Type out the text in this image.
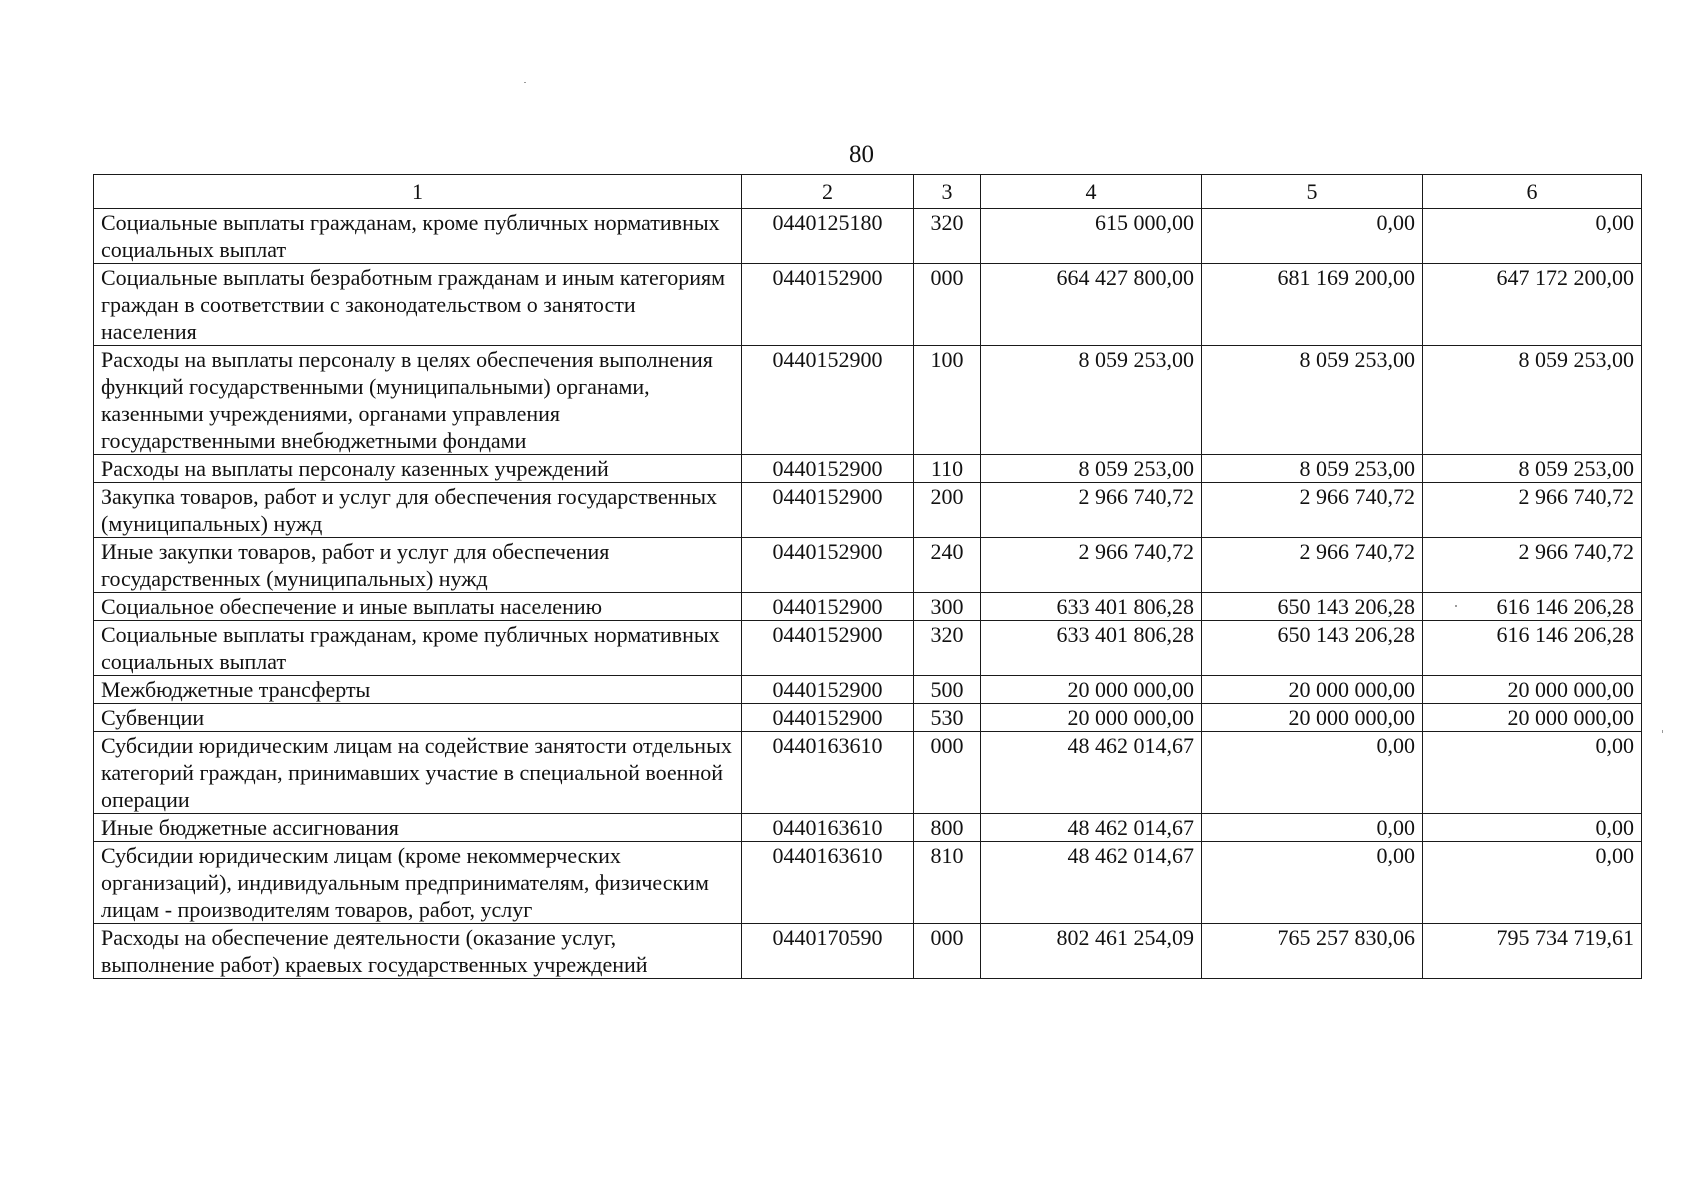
80
1	2	3	4	5	6
Социальные выплаты гражданам, кроме публичных нормативных социальных выплат	0440125180	320	615 000,00	0,00	0,00
Социальные выплаты безработным гражданам и иным категориям граждан в соответствии с законодательством о занятости населения	0440152900	000	664 427 800,00	681 169 200,00	647 172 200,00
Расходы на выплаты персоналу в целях обеспечения выполнения функций государственными (муниципальными) органами, казенными учреждениями, органами управления государственными внебюджетными фондами	0440152900	100	8 059 253,00	8 059 253,00	8 059 253,00
Расходы на выплаты персоналу казенных учреждений	0440152900	110	8 059 253,00	8 059 253,00	8 059 253,00
Закупка товаров, работ и услуг для обеспечения государственных (муниципальных) нужд	0440152900	200	2 966 740,72	2 966 740,72	2 966 740,72
Иные закупки товаров, работ и услуг для обеспечения государственных (муниципальных) нужд	0440152900	240	2 966 740,72	2 966 740,72	2 966 740,72
Социальное обеспечение и иные выплаты населению	0440152900	300	633 401 806,28	650 143 206,28	616 146 206,28
Социальные выплаты гражданам, кроме публичных нормативных социальных выплат	0440152900	320	633 401 806,28	650 143 206,28	616 146 206,28
Межбюджетные трансферты	0440152900	500	20 000 000,00	20 000 000,00	20 000 000,00
Субвенции	0440152900	530	20 000 000,00	20 000 000,00	20 000 000,00
Субсидии юридическим лицам на содействие занятости отдельных категорий граждан, принимавших участие в специальной военной операции	0440163610	000	48 462 014,67	0,00	0,00
Иные бюджетные ассигнования	0440163610	800	48 462 014,67	0,00	0,00
Субсидии юридическим лицам (кроме некоммерческих организаций), индивидуальным предпринимателям, физическим лицам - производителям товаров, работ, услуг	0440163610	810	48 462 014,67	0,00	0,00
Расходы на обеспечение деятельности (оказание услуг, выполнение работ) краевых государственных учреждений	0440170590	000	802 461 254,09	765 257 830,06	795 734 719,61
